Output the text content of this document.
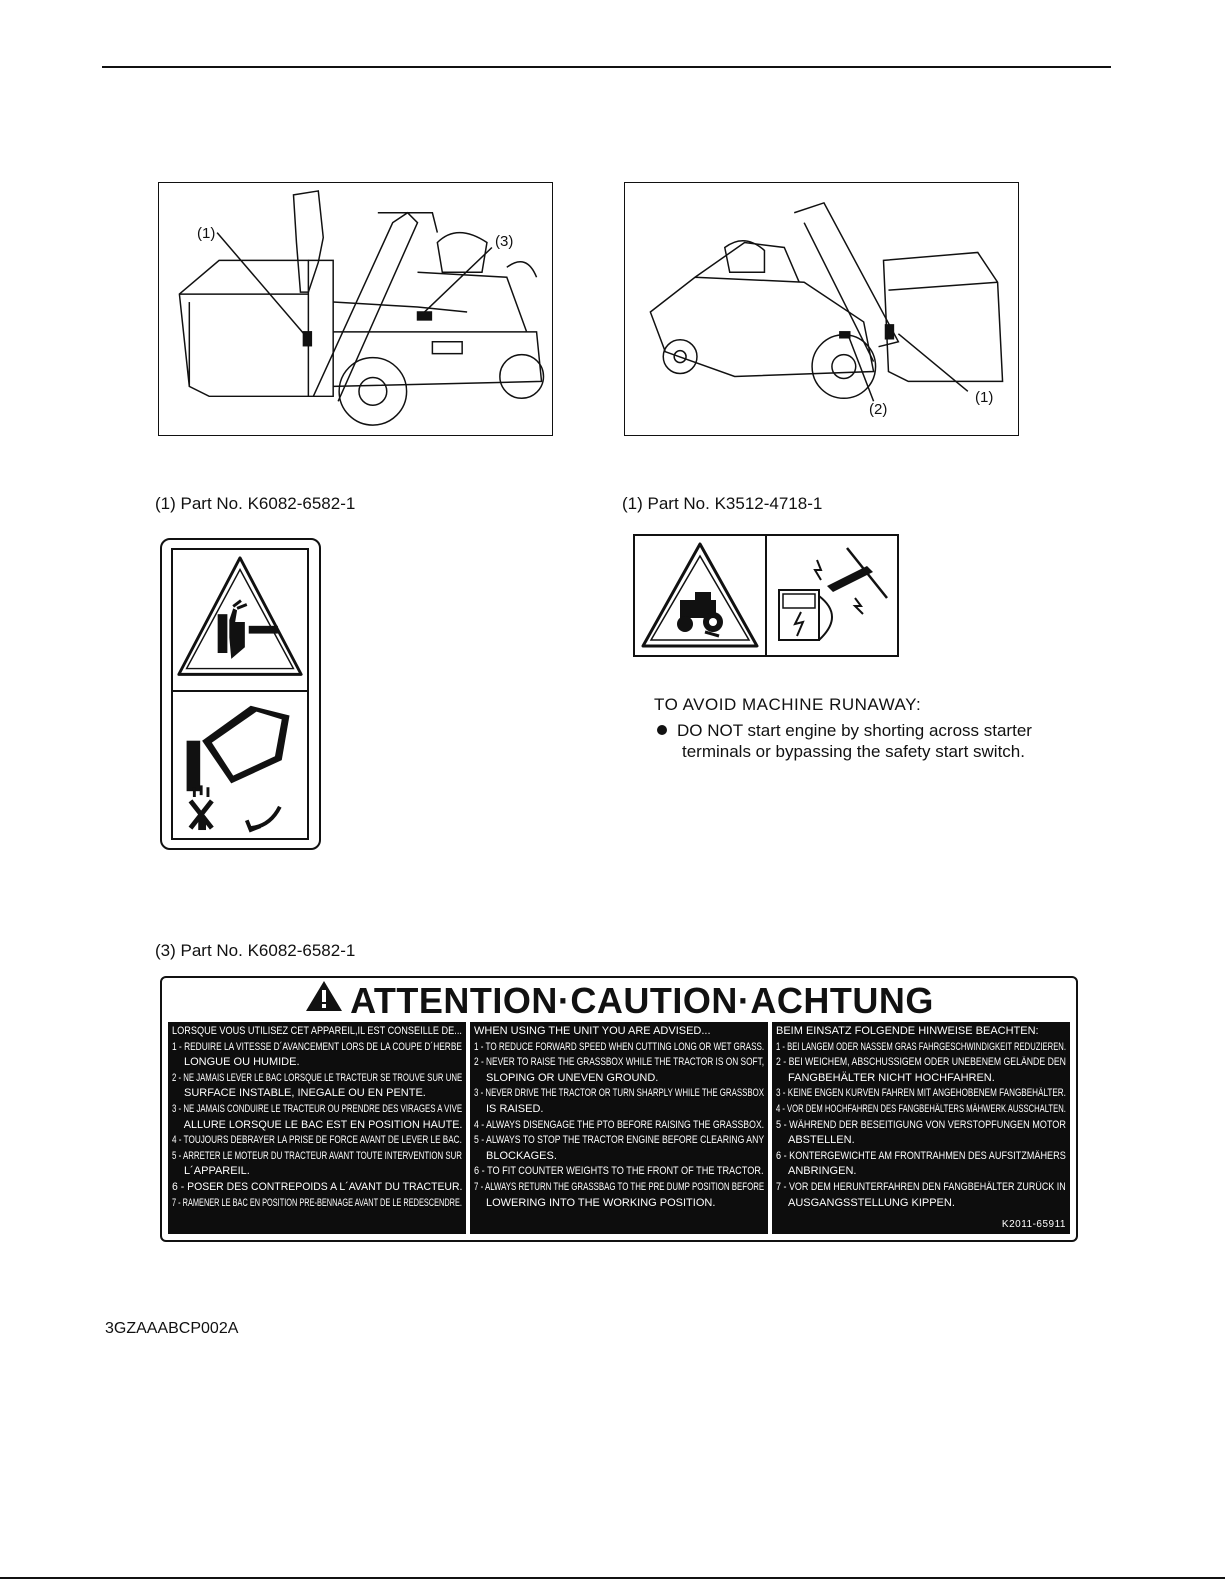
(1)	(3)
(2)
(1)
(1) Part No. K6082-6582-1	(1) Part No. K3512-4718-1
TO AVOID MACHINE RUNAWAY:
DO NOT start engine by shorting across starter
terminals or bypassing the safety start switch.
(3) Part No. K6082-6582-1
ATTENTION·CAUTION·ACHTUNG
LORSQUE VOUS UTILISEZ CET APPAREIL,IL EST CONSEILLE DE...
1 - REDUIRE LA VITESSE D´AVANCEMENT LORS DE LA COUPE D´HERBE
LONGUE OU HUMIDE.
2 - NE JAMAIS LEVER LE BAC LORSQUE LE TRACTEUR SE TROUVE SUR UNE
SURFACE INSTABLE, INEGALE OU EN PENTE.
3 - NE JAMAIS CONDUIRE LE TRACTEUR OU PRENDRE DES VIRAGES A VIVE
ALLURE LORSQUE LE BAC EST EN POSITION HAUTE.
4 - TOUJOURS DEBRAYER LA PRISE DE FORCE AVANT DE LEVER LE BAC.
5 - ARRETER LE MOTEUR DU TRACTEUR AVANT TOUTE INTERVENTION SUR
L´APPAREIL.
6 - POSER DES CONTREPOIDS A L´AVANT DU TRACTEUR.
7 - RAMENER LE BAC EN POSITION PRE-BENNAGE AVANT DE LE REDESCENDRE.
WHEN USING THE UNIT YOU ARE ADVISED...
1 - TO REDUCE FORWARD SPEED WHEN CUTTING LONG OR WET GRASS.
2 - NEVER TO RAISE THE GRASSBOX WHILE THE TRACTOR IS ON SOFT,
SLOPING OR UNEVEN GROUND.
3 - NEVER DRIVE THE TRACTOR OR TURN SHARPLY WHILE THE GRASSBOX
IS RAISED.
4 - ALWAYS DISENGAGE THE PTO BEFORE RAISING THE GRASSBOX.
5 - ALWAYS TO STOP THE TRACTOR ENGINE BEFORE CLEARING ANY
BLOCKAGES.
6 - TO FIT COUNTER WEIGHTS TO THE FRONT OF THE TRACTOR.
7 - ALWAYS RETURN THE GRASSBAG TO THE PRE DUMP POSITION BEFORE
LOWERING INTO THE WORKING POSITION.
BEIM EINSATZ FOLGENDE HINWEISE BEACHTEN:
1 - BEI LANGEM ODER NASSEM GRAS FAHRGESCHWINDIGKEIT REDUZIEREN.
2 - BEI WEICHEM, ABSCHUSSIGEM ODER UNEBENEM GELÄNDE DEN
FANGBEHÄLTER NICHT HOCHFAHREN.
3 - KEINE ENGEN KURVEN FAHREN MIT ANGEHOBENEM FANGBEHÄLTER.
4 - VOR DEM HOCHFAHREN DES FANGBEHÄLTERS MÄHWERK AUSSCHALTEN.
5 - WÄHREND DER BESEITIGUNG VON VERSTOPFUNGEN MOTOR
ABSTELLEN.
6 - KONTERGEWICHTE AM FRONTRAHMEN DES AUFSITZMÄHERS
ANBRINGEN.
7 - VOR DEM HERUNTERFAHREN DEN FANGBEHÄLTER ZURÜCK IN
AUSGANGSSTELLUNG KIPPEN.
K2011-65911
3GZAAABCP002A
